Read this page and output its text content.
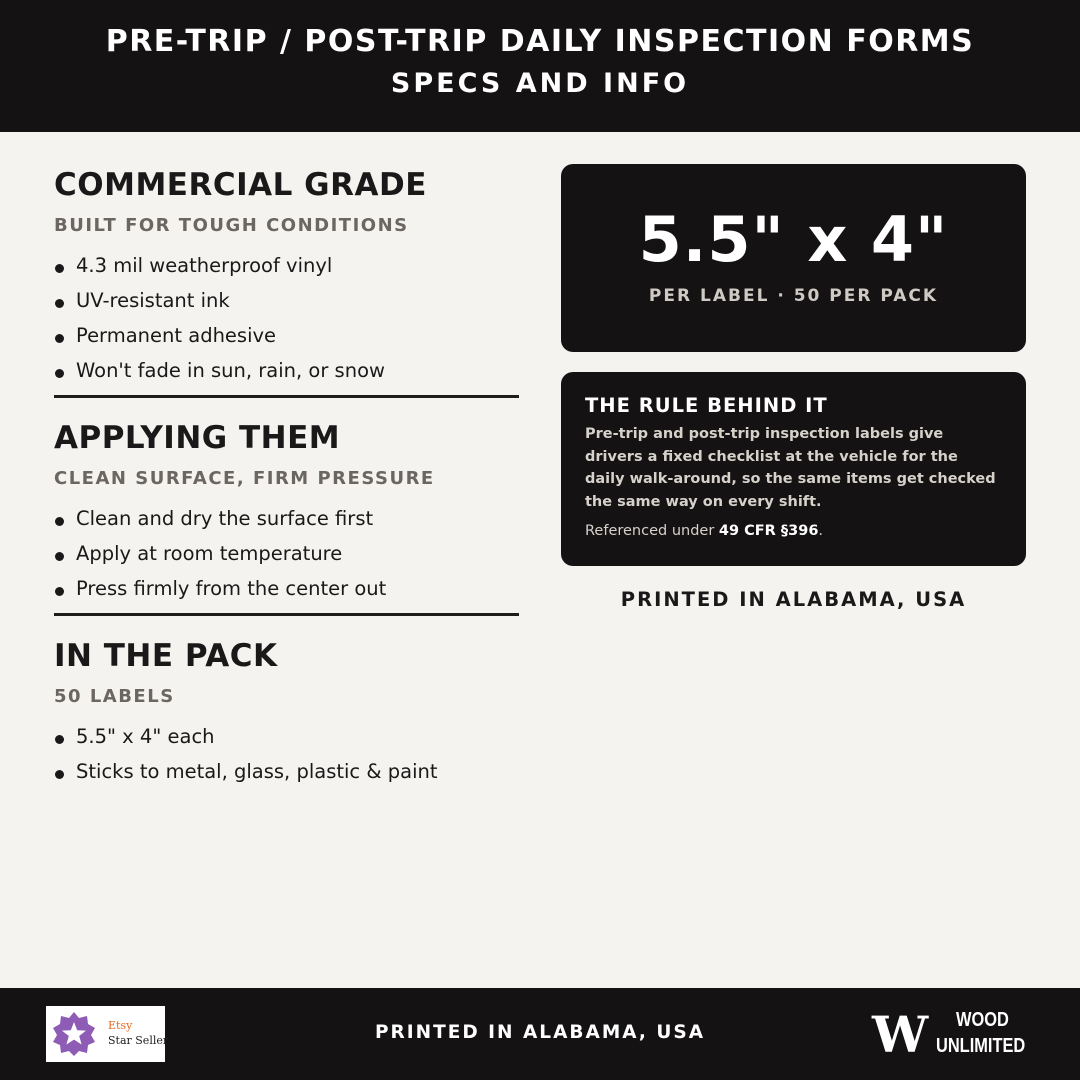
PRE-TRIP / POST-TRIP DAILY INSPECTION FORMS
SPECS AND INFO
COMMERCIAL GRADE
BUILT FOR TOUGH CONDITIONS
4.3 mil weatherproof vinyl
UV-resistant ink
Permanent adhesive
Won't fade in sun, rain, or snow
APPLYING THEM
CLEAN SURFACE, FIRM PRESSURE
Clean and dry the surface first
Apply at room temperature
Press firmly from the center out
IN THE PACK
50 LABELS
5.5" x 4" each
Sticks to metal, glass, plastic & paint
5.5" x 4"
PER LABEL · 50 PER PACK
THE RULE BEHIND IT

Pre-trip and post-trip inspection labels give drivers a fixed checklist at the vehicle for the daily walk-around, so the same items get checked the same way on every shift.

Referenced under 49 CFR §396.

PRINTED IN ALABAMA, USA
Etsy
Star Seller	PRINTED IN ALABAMA, USA	W WOOD
UNLIMITED
